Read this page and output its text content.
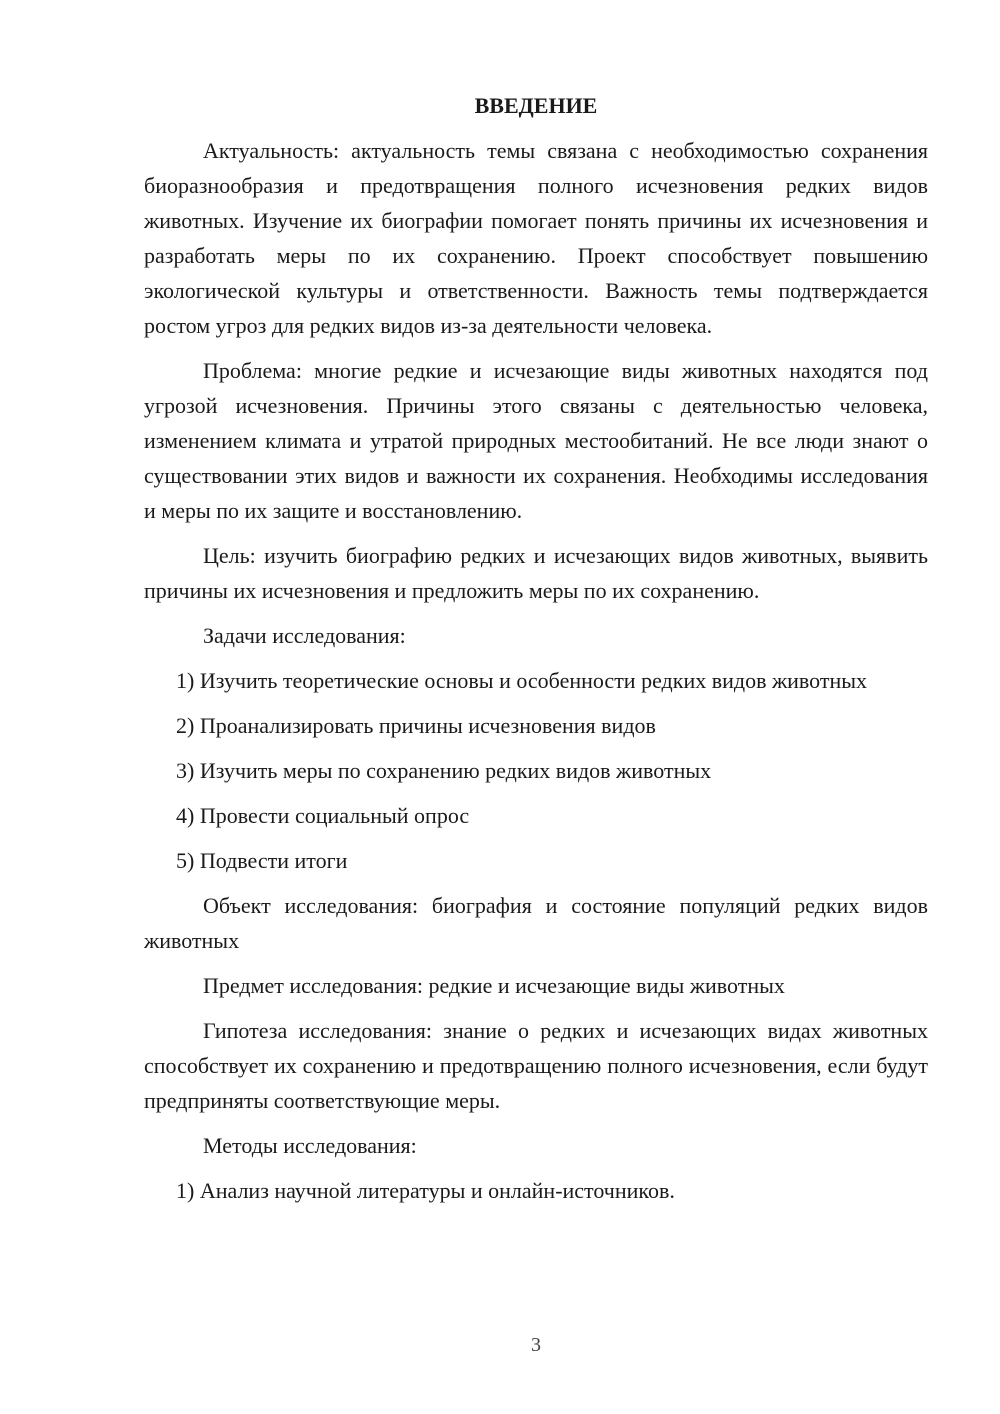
ВВЕДЕНИЕ

Актуальность: актуальность темы связана с необходимостью сохранения биоразнообразия и предотвращения полного исчезновения редких видов животных. Изучение их биографии помогает понять причины их исчезновения и разработать меры по их сохранению. Проект способствует повышению экологической культуры и ответственности. Важность темы подтверждается ростом угроз для редких видов из-за деятельности человека.

Проблема: многие редкие и исчезающие виды животных находятся под угрозой исчезновения. Причины этого связаны с деятельностью человека, изменением климата и утратой природных местообитаний. Не все люди знают о существовании этих видов и важности их сохранения. Необходимы исследования и меры по их защите и восстановлению.

Цель: изучить биографию редких и исчезающих видов животных, выявить причины их исчезновения и предложить меры по их сохранению.

Задачи исследования:

1) Изучить теоретические основы и особенности редких видов животных

2) Проанализировать причины исчезновения видов

3) Изучить меры по сохранению редких видов животных

4) Провести социальный опрос

5) Подвести итоги

Объект исследования: биография и состояние популяций редких видов животных

Предмет исследования: редкие и исчезающие виды животных

Гипотеза исследования: знание о редких и исчезающих видах животных способствует их сохранению и предотвращению полного исчезновения, если будут предприняты соответствующие меры.

Методы исследования:

1) Анализ научной литературы и онлайн-источников.

3
